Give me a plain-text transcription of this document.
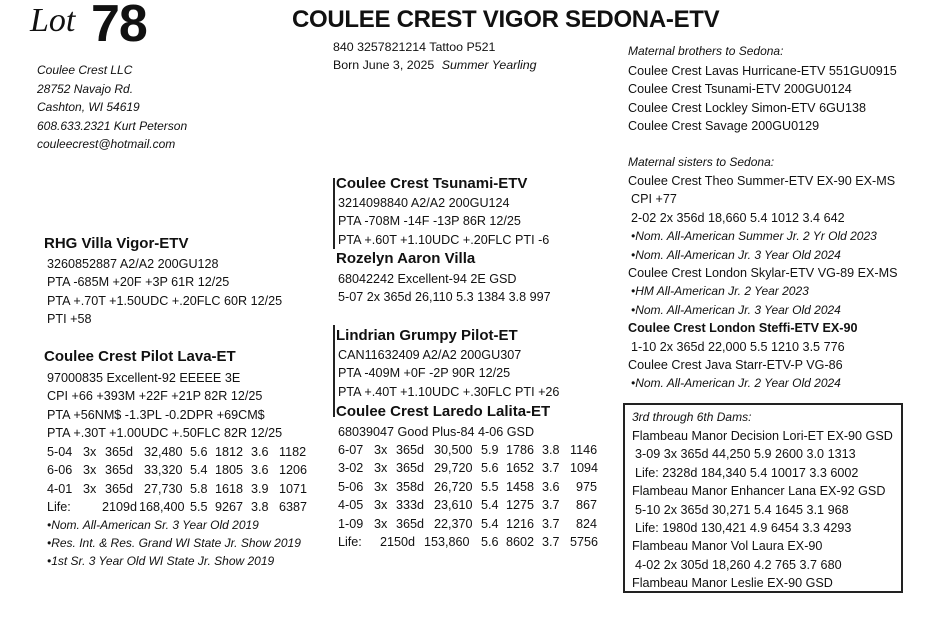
Lot 78	COULEE CREST VIGOR SEDONA-ETV
Coulee Crest LLC
28752 Navajo Rd.
Cashton, WI 54619
608.633.2321 Kurt Peterson
couleecrest@hotmail.com
840 3257821214 Tattoo P521
Born June 3, 2025 Summer Yearling
RHG Villa Vigor-ETV
3260852887 A2/A2 200GU128
PTA -685M +20F +3P 61R 12/25
PTA +.70T +1.50UDC +.20FLC 60R 12/25
PTI +58
Coulee Crest Pilot Lava-ET
97000835 Excellent-92 EEEEE 3E
CPI +66 +393M +22F +21P 82R 12/25
PTA +56NM$ -1.3PL -0.2DPR +69CM$
PTA +.30T +1.00UDC +.50FLC 82R 12/25
5-04 3x 365d 32,480 5.6 1812 3.6 1182

6-06 3x 365d 33,320 5.4 1805 3.6 1206

4-01 3x 365d 27,730 5.8 1618 3.9 1071

Life: 2109d 168,400 5.5 9267 3.8 6387

•Nom. All-American Sr. 3 Year Old 2019
•Res. Int. & Res. Grand WI State Jr. Show 2019
•1st Sr. 3 Year Old WI State Jr. Show 2019
Coulee Crest Tsunami-ETV
3214098840 A2/A2 200GU124
PTA -708M -14F -13P 86R 12/25
PTA +.60T +1.10UDC +.20FLC PTI -6
Rozelyn Aaron Villa
68042242 Excellent-94 2E GSD
5-07 2x 365d 26,110 5.3 1384 3.8 997
Lindrian Grumpy Pilot-ET
CAN11632409 A2/A2 200GU307
PTA -409M +0F -2P 90R 12/25
PTA +.40T +1.10UDC +.30FLC PTI +26
Coulee Crest Laredo Lalita-ET
68039047 Good Plus-84 4-06 GSD
6-07 3x 365d 30,500 5.9 1786 3.8 1146

3-02 3x 365d 29,720 5.6 1652 3.7 1094

5-06 3x 358d 26,720 5.5 1458 3.6 975

4-05 3x 333d 23,610 5.4 1275 3.7 867

1-09 3x 365d 22,370 5.4 1216 3.7 824

Life: 2150d 153,860 5.6 8602 3.7 5756

Maternal brothers to Sedona:
Coulee Crest Lavas Hurricane-ETV 551GU0915
Coulee Crest Tsunami-ETV 200GU0124
Coulee Crest Lockley Simon-ETV 6GU138
Coulee Crest Savage 200GU0129
Maternal sisters to Sedona:
Coulee Crest Theo Summer-ETV EX-90 EX-MS
CPI +77
2-02 2x 356d 18,660 5.4 1012 3.4 642
•Nom. All-American Summer Jr. 2 Yr Old 2023
•Nom. All-American Jr. 3 Year Old 2024
Coulee Crest London Skylar-ETV VG-89 EX-MS
•HM All-American Jr. 2 Year 2023
•Nom. All-American Jr. 3 Year Old 2024
Coulee Crest London Steffi-ETV EX-90
1-10 2x 365d 22,000 5.5 1210 3.5 776
Coulee Crest Java Starr-ETV-P VG-86
•Nom. All-American Jr. 2 Year Old 2024
3rd through 6th Dams:
Flambeau Manor Decision Lori-ET EX-90 GSD
3-09 3x 365d 44,250 5.9 2600 3.0 1313
Life: 2328d 184,340 5.4 10017 3.3 6002
Flambeau Manor Enhancer Lana EX-92 GSD
5-10 2x 365d 30,271 5.4 1645 3.1 968
Life: 1980d 130,421 4.9 6454 3.3 4293
Flambeau Manor Vol Laura EX-90
4-02 2x 305d 18,260 4.2 765 3.7 680
Flambeau Manor Leslie EX-90 GSD
